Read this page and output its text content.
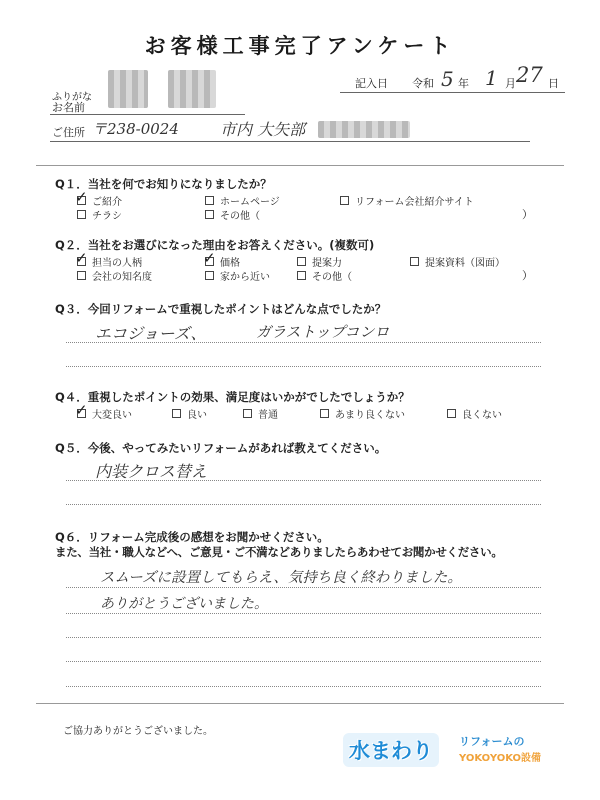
お客様工事完了アンケート
ふりがな
お名前
記入日 令和 5 年 1 月 27 日
ご住所 〒238-0024	市内 大矢部
Q１．当社を何でお知りになりましたか？
✓ ご紹介	ホームページ	リフォーム会社紹介サイト
チラシ	その他（	）
Q２．当社をお選びになった理由をお答えください。(複数可)
✓ 担当の人柄	✓ 価格	提案力	提案資料（図面）
会社の知名度	家から近い	その他（	）
Q３．今回リフォームで重視したポイントはどんな点でしたか？
エコジョーズ、	ガラストップコンロ
Q４．重視したポイントの効果、満足度はいかがでしたでしょうか？
✓ 大変良い	良い	普通	あまり良くない	良くない
Q５．今後、やってみたいリフォームがあれば教えてください。
内装クロス替え
Q６．リフォーム完成後の感想をお聞かせください。
また、当社・職人などへ、ご意見・ご不満などありましたらあわせてお聞かせください。
スムーズに設置してもらえ、気持ち良く終わりました。
ありがとうございました。
ご協力ありがとうございました。
水まわり	リフォームの
YOKOYOKO設備
